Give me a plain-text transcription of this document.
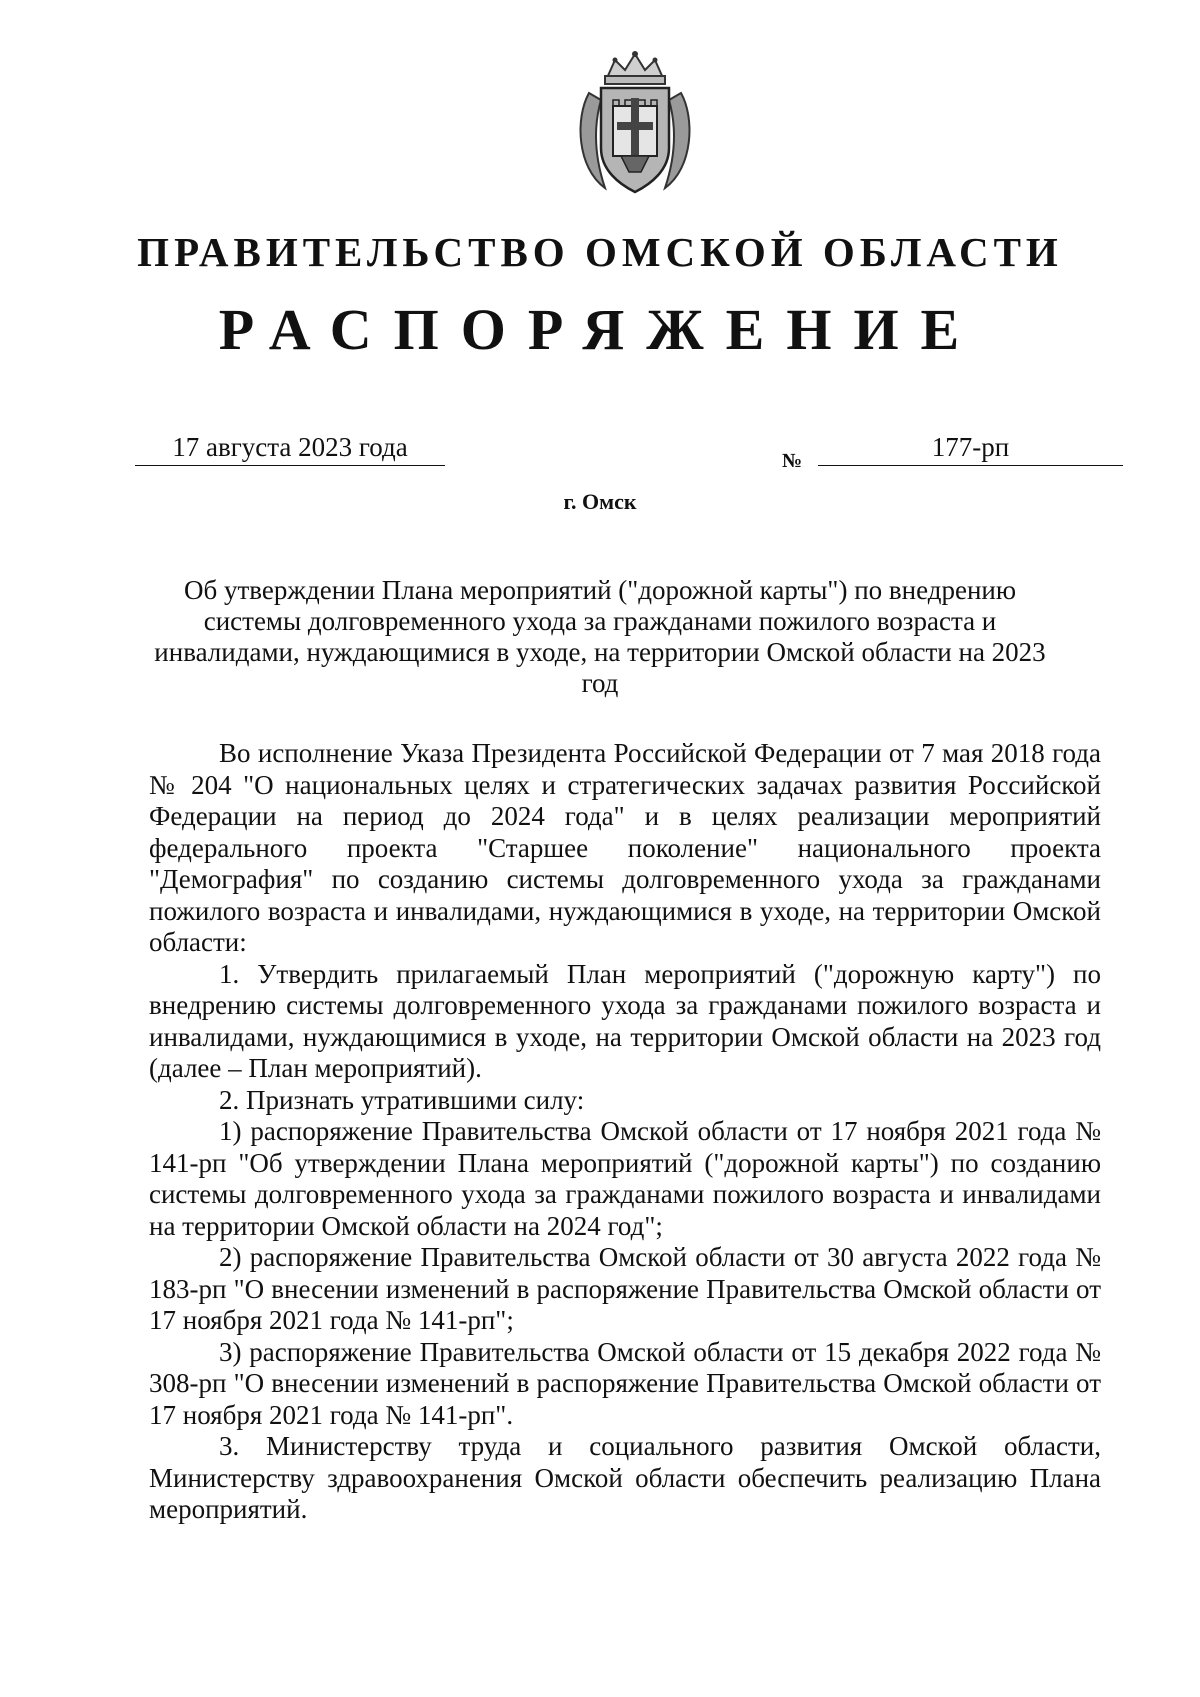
ПРАВИТЕЛЬСТВО ОМСКОЙ ОБЛАСТИ
РАСПОРЯЖЕНИЕ
17 августа 2023 года	№	177-рп
г. Омск
Об утверждении Плана мероприятий ("дорожной карты") по внедрению системы долговременного ухода за гражданами пожилого возраста и инвалидами, нуждающимися в уходе, на территории Омской области на 2023 год

Во исполнение Указа Президента Российской Федерации от 7 мая 2018 года № 204 "О национальных целях и стратегических задачах развития Российской Федерации на период до 2024 года" и в целях реализации мероприятий федерального проекта "Старшее поколение" национального проекта "Демография" по созданию системы долговременного ухода за гражданами пожилого возраста и инвалидами, нуждающимися в уходе, на территории Омской области:

1. Утвердить прилагаемый План мероприятий ("дорожную карту") по внедрению системы долговременного ухода за гражданами пожилого возраста и инвалидами, нуждающимися в уходе, на территории Омской области на 2023 год (далее – План мероприятий).

2. Признать утратившими силу:

1) распоряжение Правительства Омской области от 17 ноября 2021 года № 141-рп "Об утверждении Плана мероприятий ("дорожной карты") по созданию системы долговременного ухода за гражданами пожилого возраста и инвалидами на территории Омской области на 2024 год";

2) распоряжение Правительства Омской области от 30 августа 2022 года № 183-рп "О внесении изменений в распоряжение Правительства Омской области от 17 ноября 2021 года № 141-рп";

3) распоряжение Правительства Омской области от 15 декабря 2022 года № 308-рп "О внесении изменений в распоряжение Правительства Омской области от 17 ноября 2021 года № 141-рп".

3. Министерству труда и социального развития Омской области, Министерству здравоохранения Омской области обеспечить реализацию Плана мероприятий.
